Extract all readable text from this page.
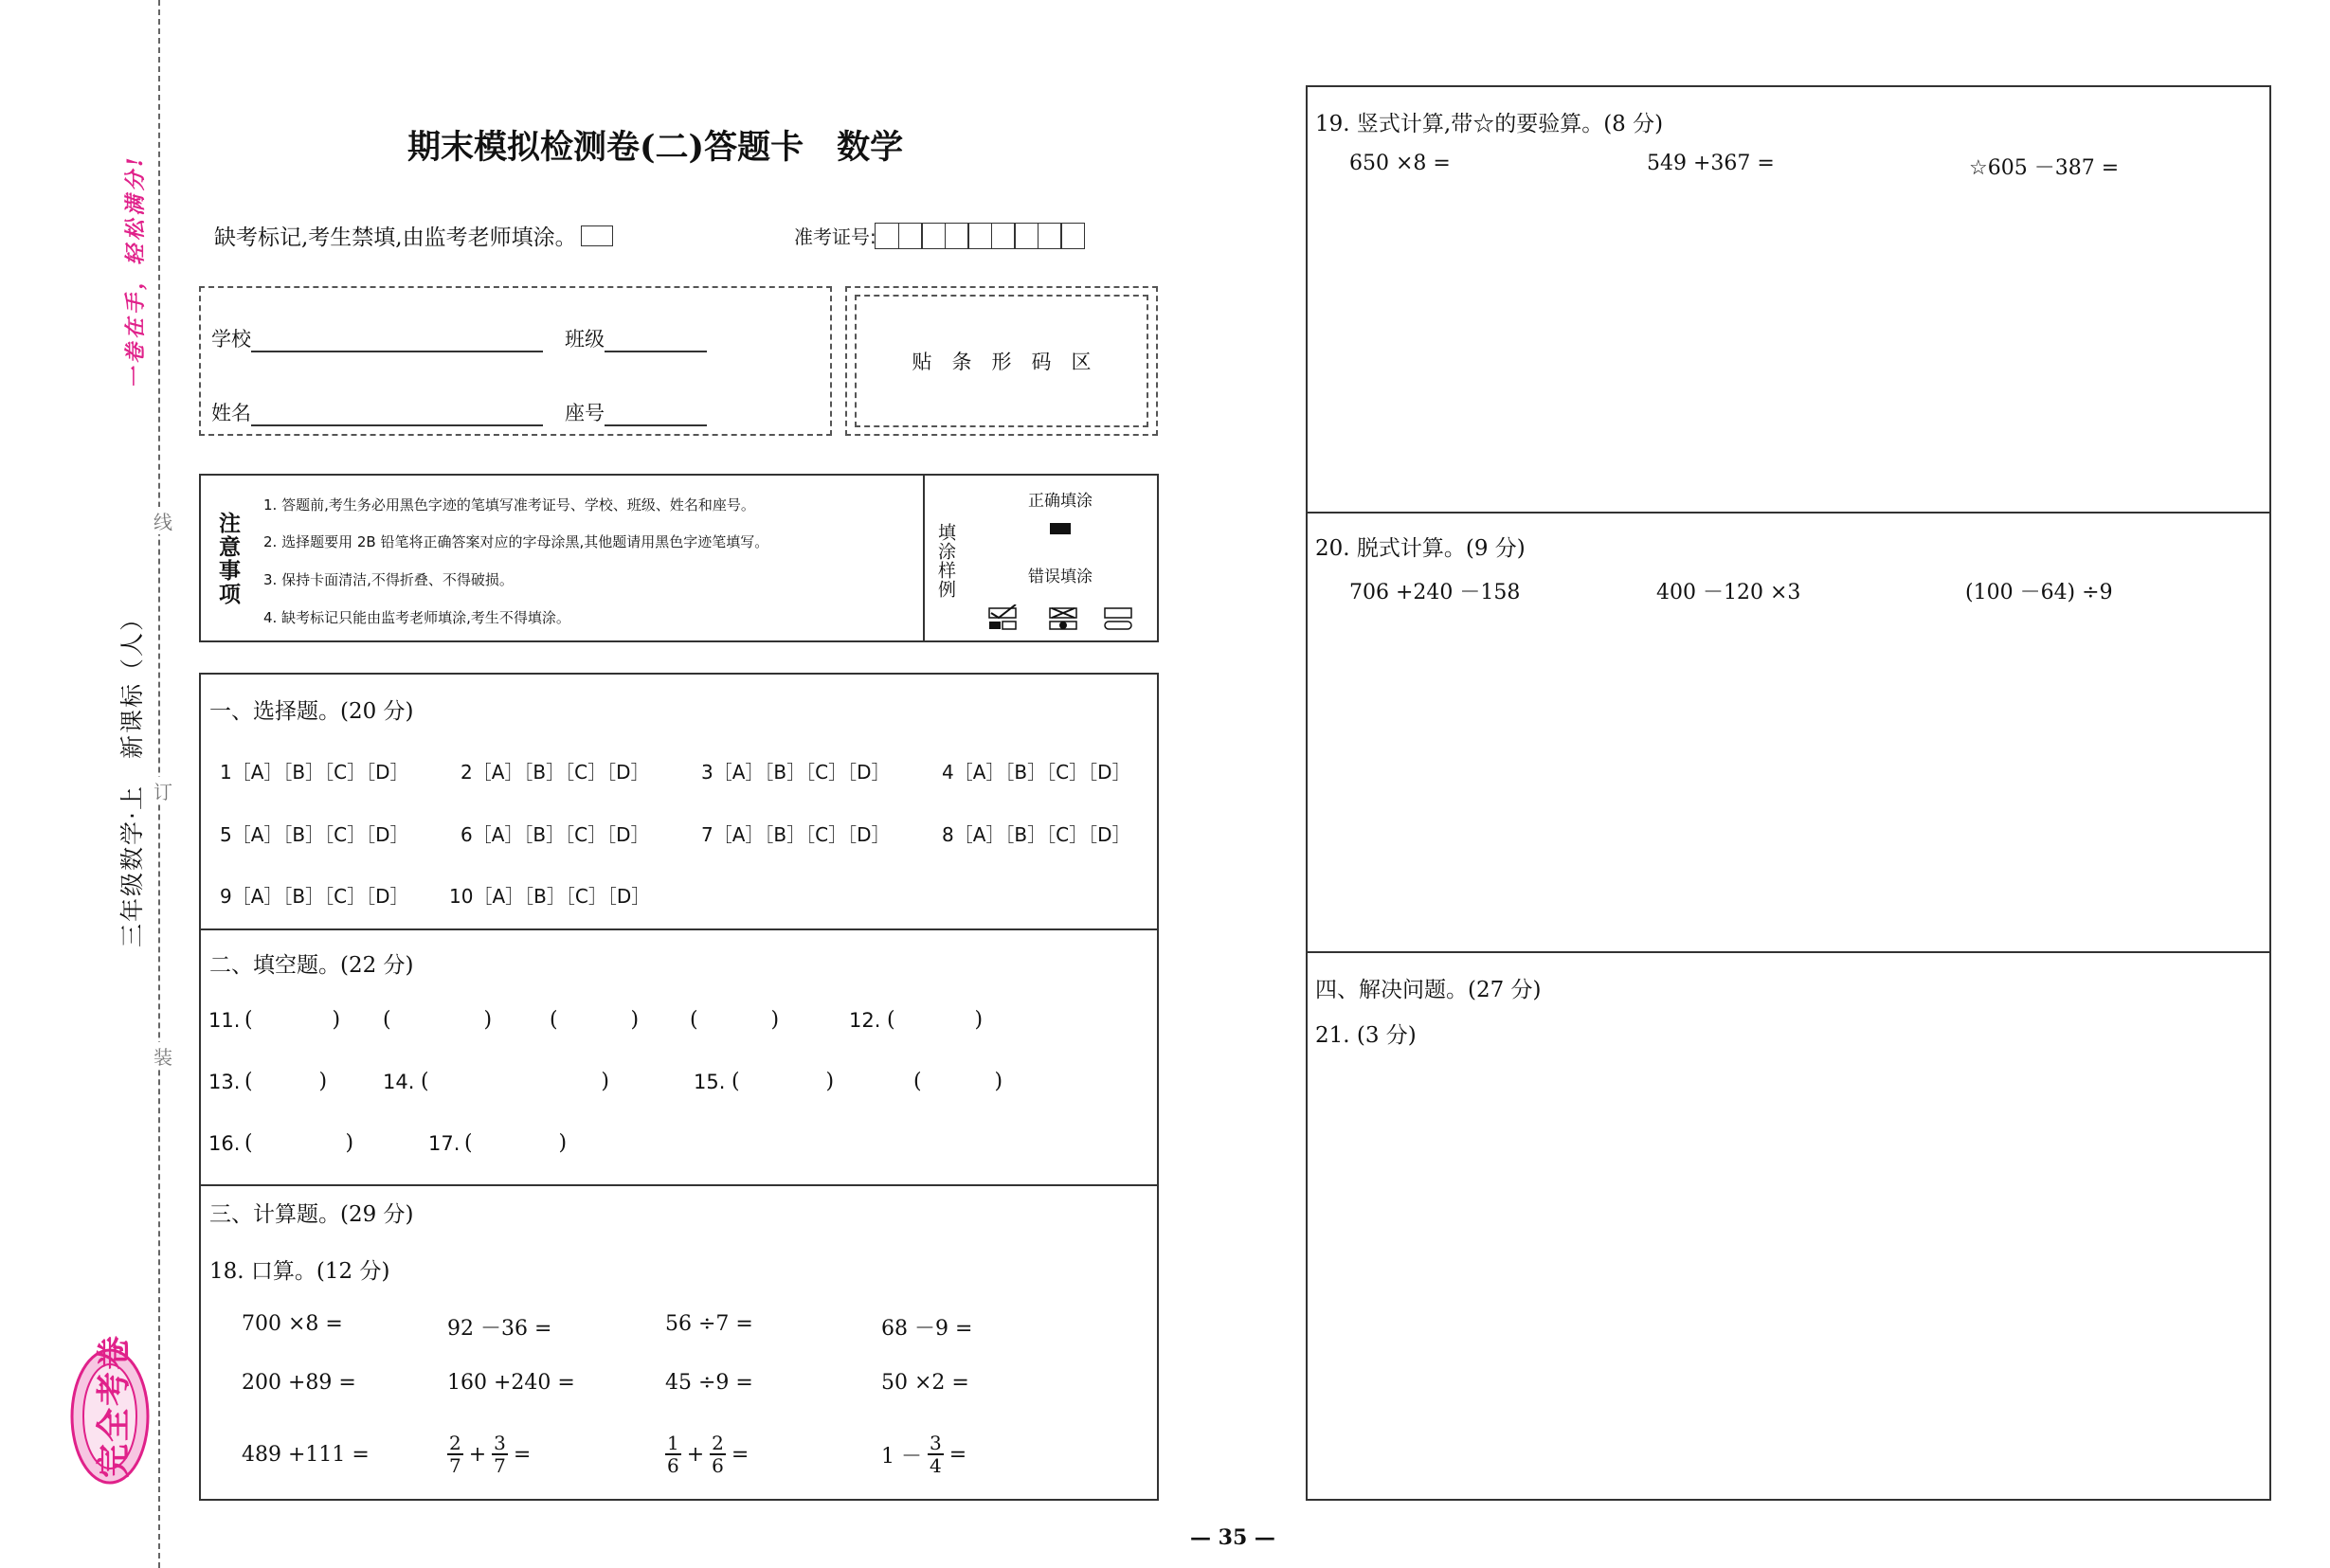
线
订
装
一卷在手，轻松满分!
三年级数学·上　新课标（人）
完全考卷
期末模拟检测卷(二)答题卡　数学
缺考标记,考生禁填,由监考老师填涂。	准考证号:
学校	班级
姓名	座号
贴　条　形　码　区
注意事项
1. 答题前,考生务必用黑色字迹的笔填写准考证号、学校、班级、姓名和座号。
2. 选择题要用 2B 铅笔将正确答案对应的字母涂黑,其他题请用黑色字迹笔填写。
3. 保持卡面清洁,不得折叠、不得破损。
4. 缺考标记只能由监考老师填涂,考生不得填涂。
填涂样例
正确填涂
错误填涂
一、选择题。(20 分)
1［A］［B］［C］［D］	2［A］［B］［C］［D］	3［A］［B］［C］［D］	4［A］［B］［C］［D］
5［A］［B］［C］［D］	6［A］［B］［C］［D］	7［A］［B］［C］［D］	8［A］［B］［C］［D］
9［A］［B］［C］［D］ 10［A］［B］［C］［D］
二、填空题。(22 分)
11. (            ) (              )	(           ) (           )	12. (            )
13. (          )	14. (                          )	15. (             )	(           )
16. (              )	17. (             )
三、计算题。(29 分)
18. 口算。(12 分)
700 ×8 =	92 －36 =	56 ÷7 =	68 －9 =
200 +89 =	160 +240 =	45 ÷9 =	50 ×2 =
489 +111 =	$\frac{2}{7} + \frac{3}{7}$ =	$\frac{1}{6} + \frac{2}{6}$ =	$1 - \frac{3}{4}$ =
19. 竖式计算,带☆的要验算。(8 分)
650 ×8 =	549 +367 =	☆605 －387 =
20. 脱式计算。(9 分)
706 +240 －158	400 －120 ×3	(100 －64) ÷9
四、解决问题。(27 分)
21. (3 分)
— 35 —
